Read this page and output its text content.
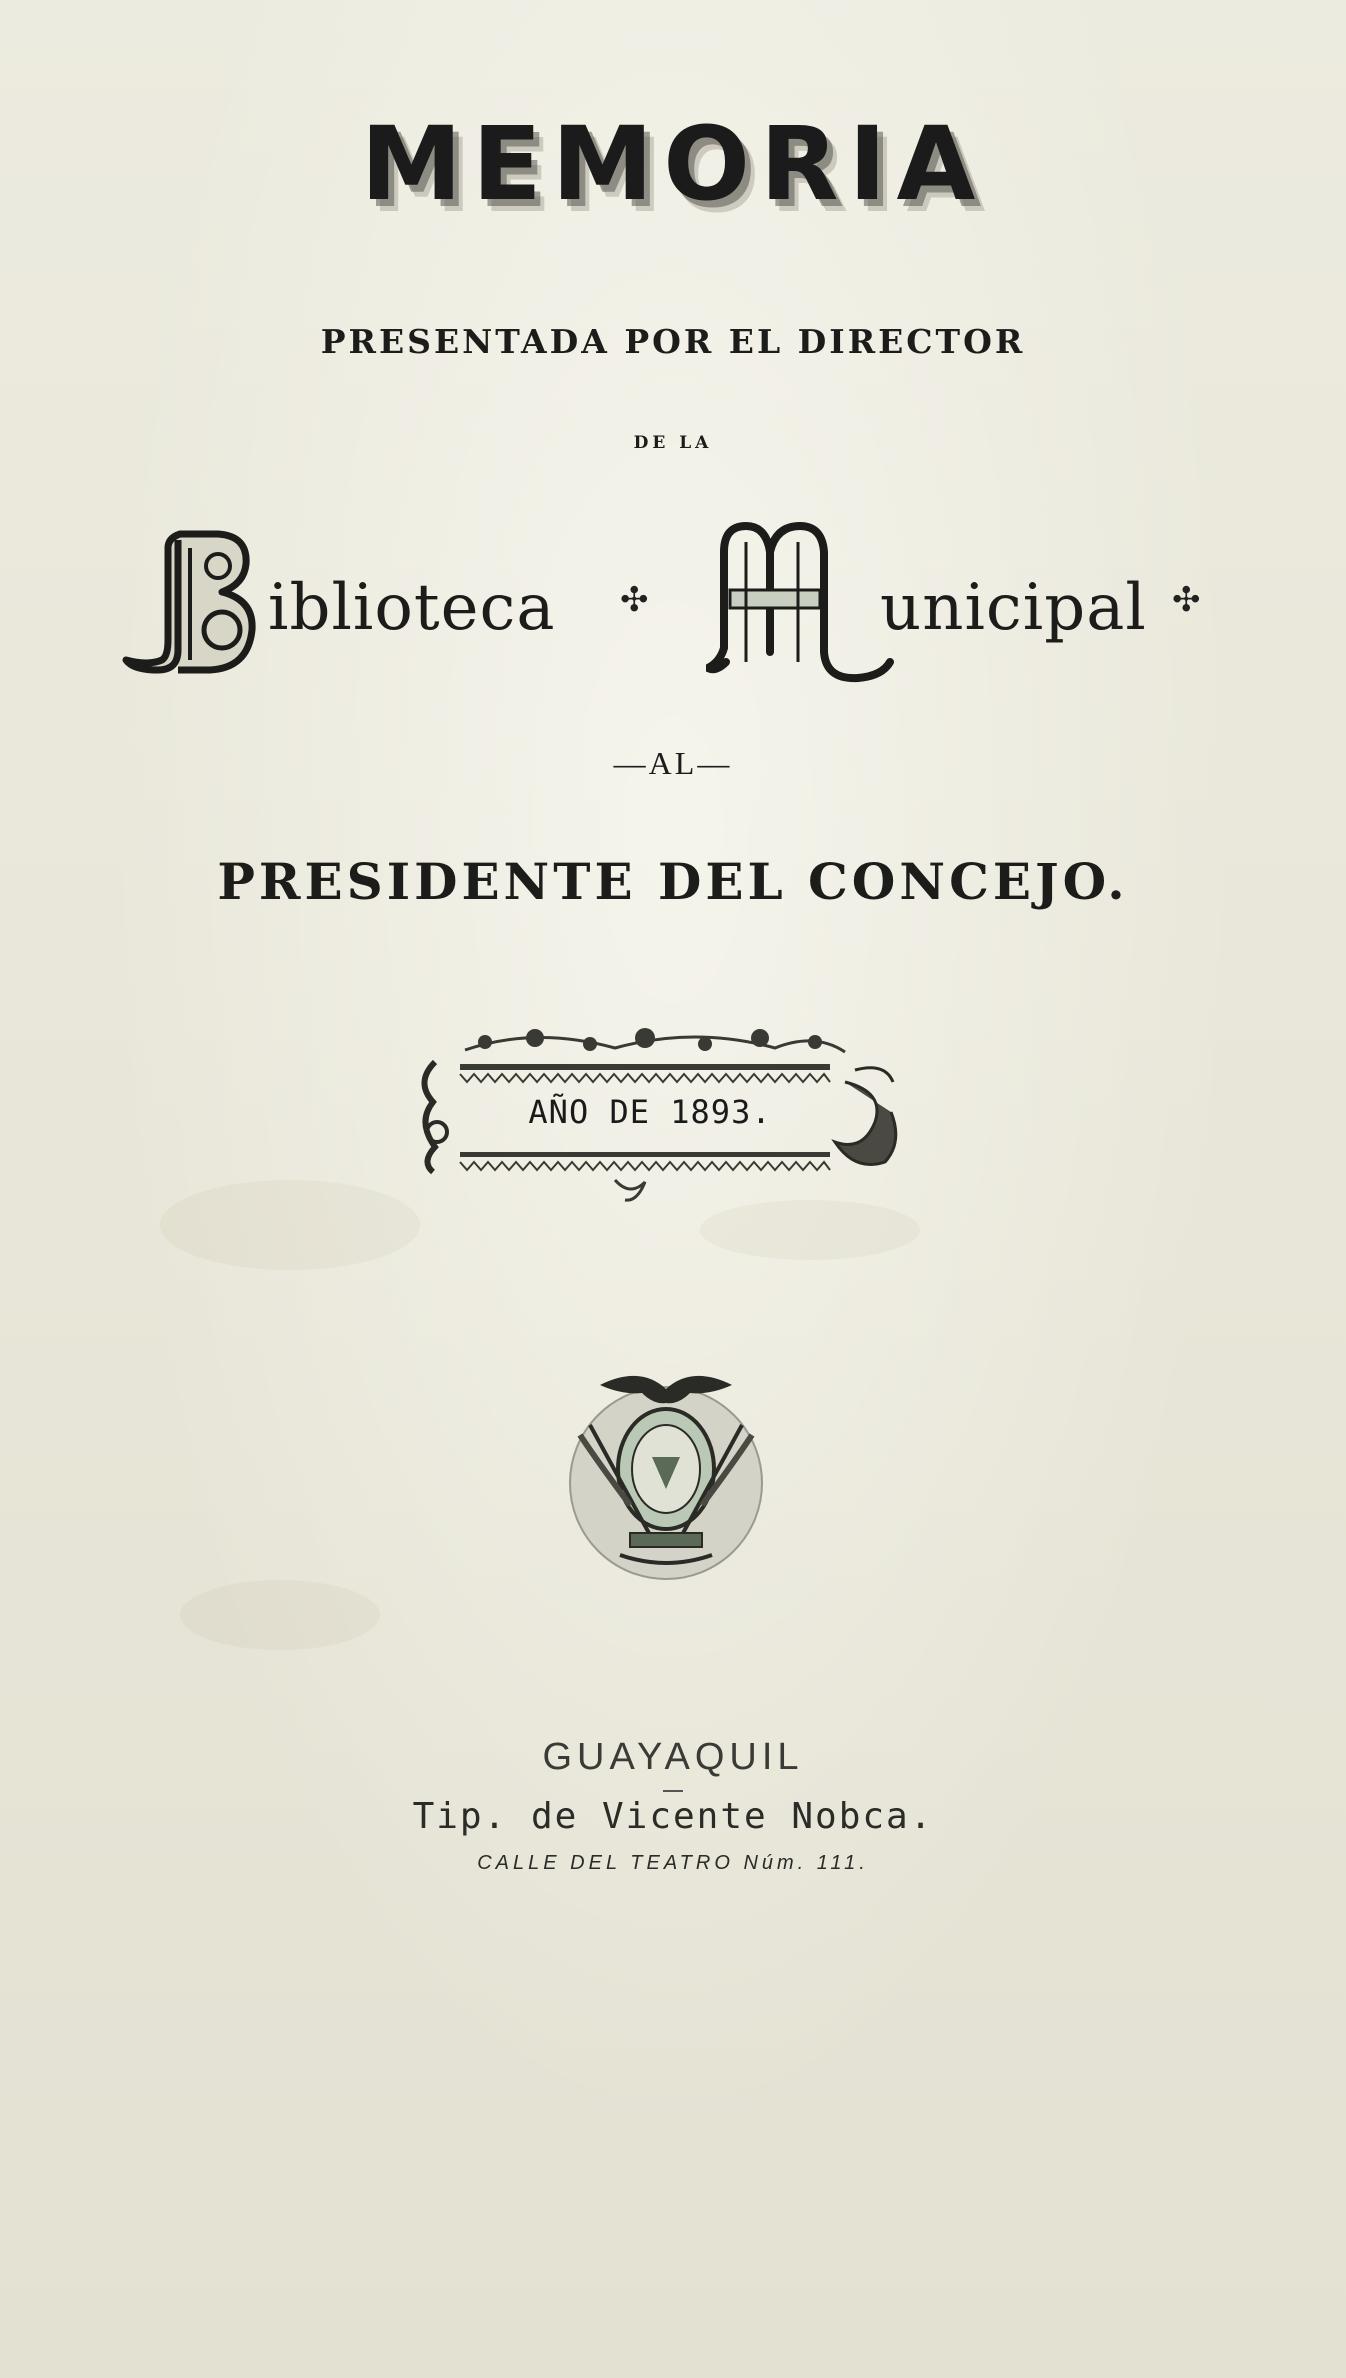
MEMORIA
PRESENTADA POR EL DIRECTOR
DE LA
iblioteca ✣	unicipal ✣
—AL—
PRESIDENTE DEL CONCEJO.
AÑO DE 1893.
GUAYAQUIL
Tip. de Vicente Nobca.
CALLE DEL TEATRO Núm. 111.
